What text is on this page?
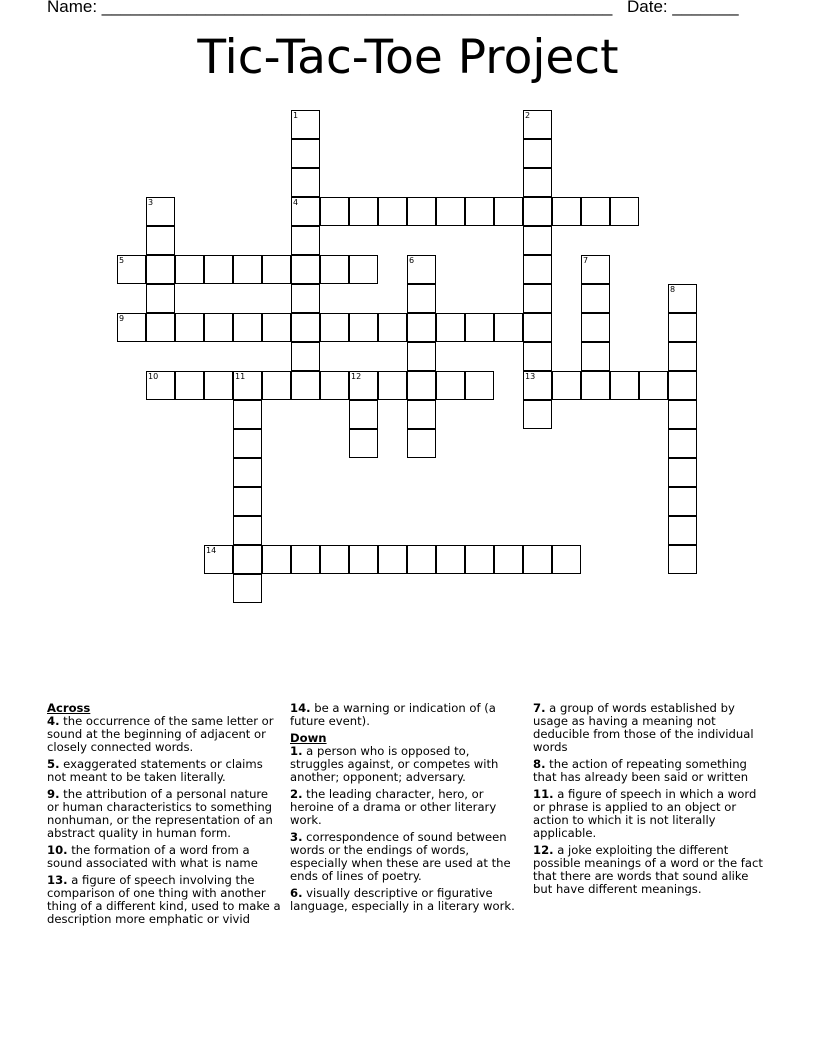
Name: ______________________________________________________ Date: _______
Tic-Tac-Toe Project
1
4
2
13
3
5	6	7
8
9
10	11	12
14
Across
4. the occurrence of the same letter or sound at the beginning of adjacent or closely connected words.
5. exaggerated statements or claims not meant to be taken literally.
9. the attribution of a personal nature or human characteristics to something nonhuman, or the representation of an abstract quality in human form.
10. the formation of a word from a sound associated with what is name
13. a figure of speech involving the comparison of one thing with another thing of a different kind, used to make a description more emphatic or vivid
14. be a warning or indication of (a future event).
Down
1. a person who is opposed to, struggles against, or competes with another; opponent; adversary.
2. the leading character, hero, or heroine of a drama or other literary work.
3. correspondence of sound between words or the endings of words, especially when these are used at the ends of lines of poetry.
6. visually descriptive or figurative language, especially in a literary work.
7. a group of words established by usage as having a meaning not deducible from those of the individual words
8. the action of repeating something that has already been said or written
11. a figure of speech in which a word or phrase is applied to an object or action to which it is not literally applicable.
12. a joke exploiting the different possible meanings of a word or the fact that there are words that sound alike but have different meanings.
